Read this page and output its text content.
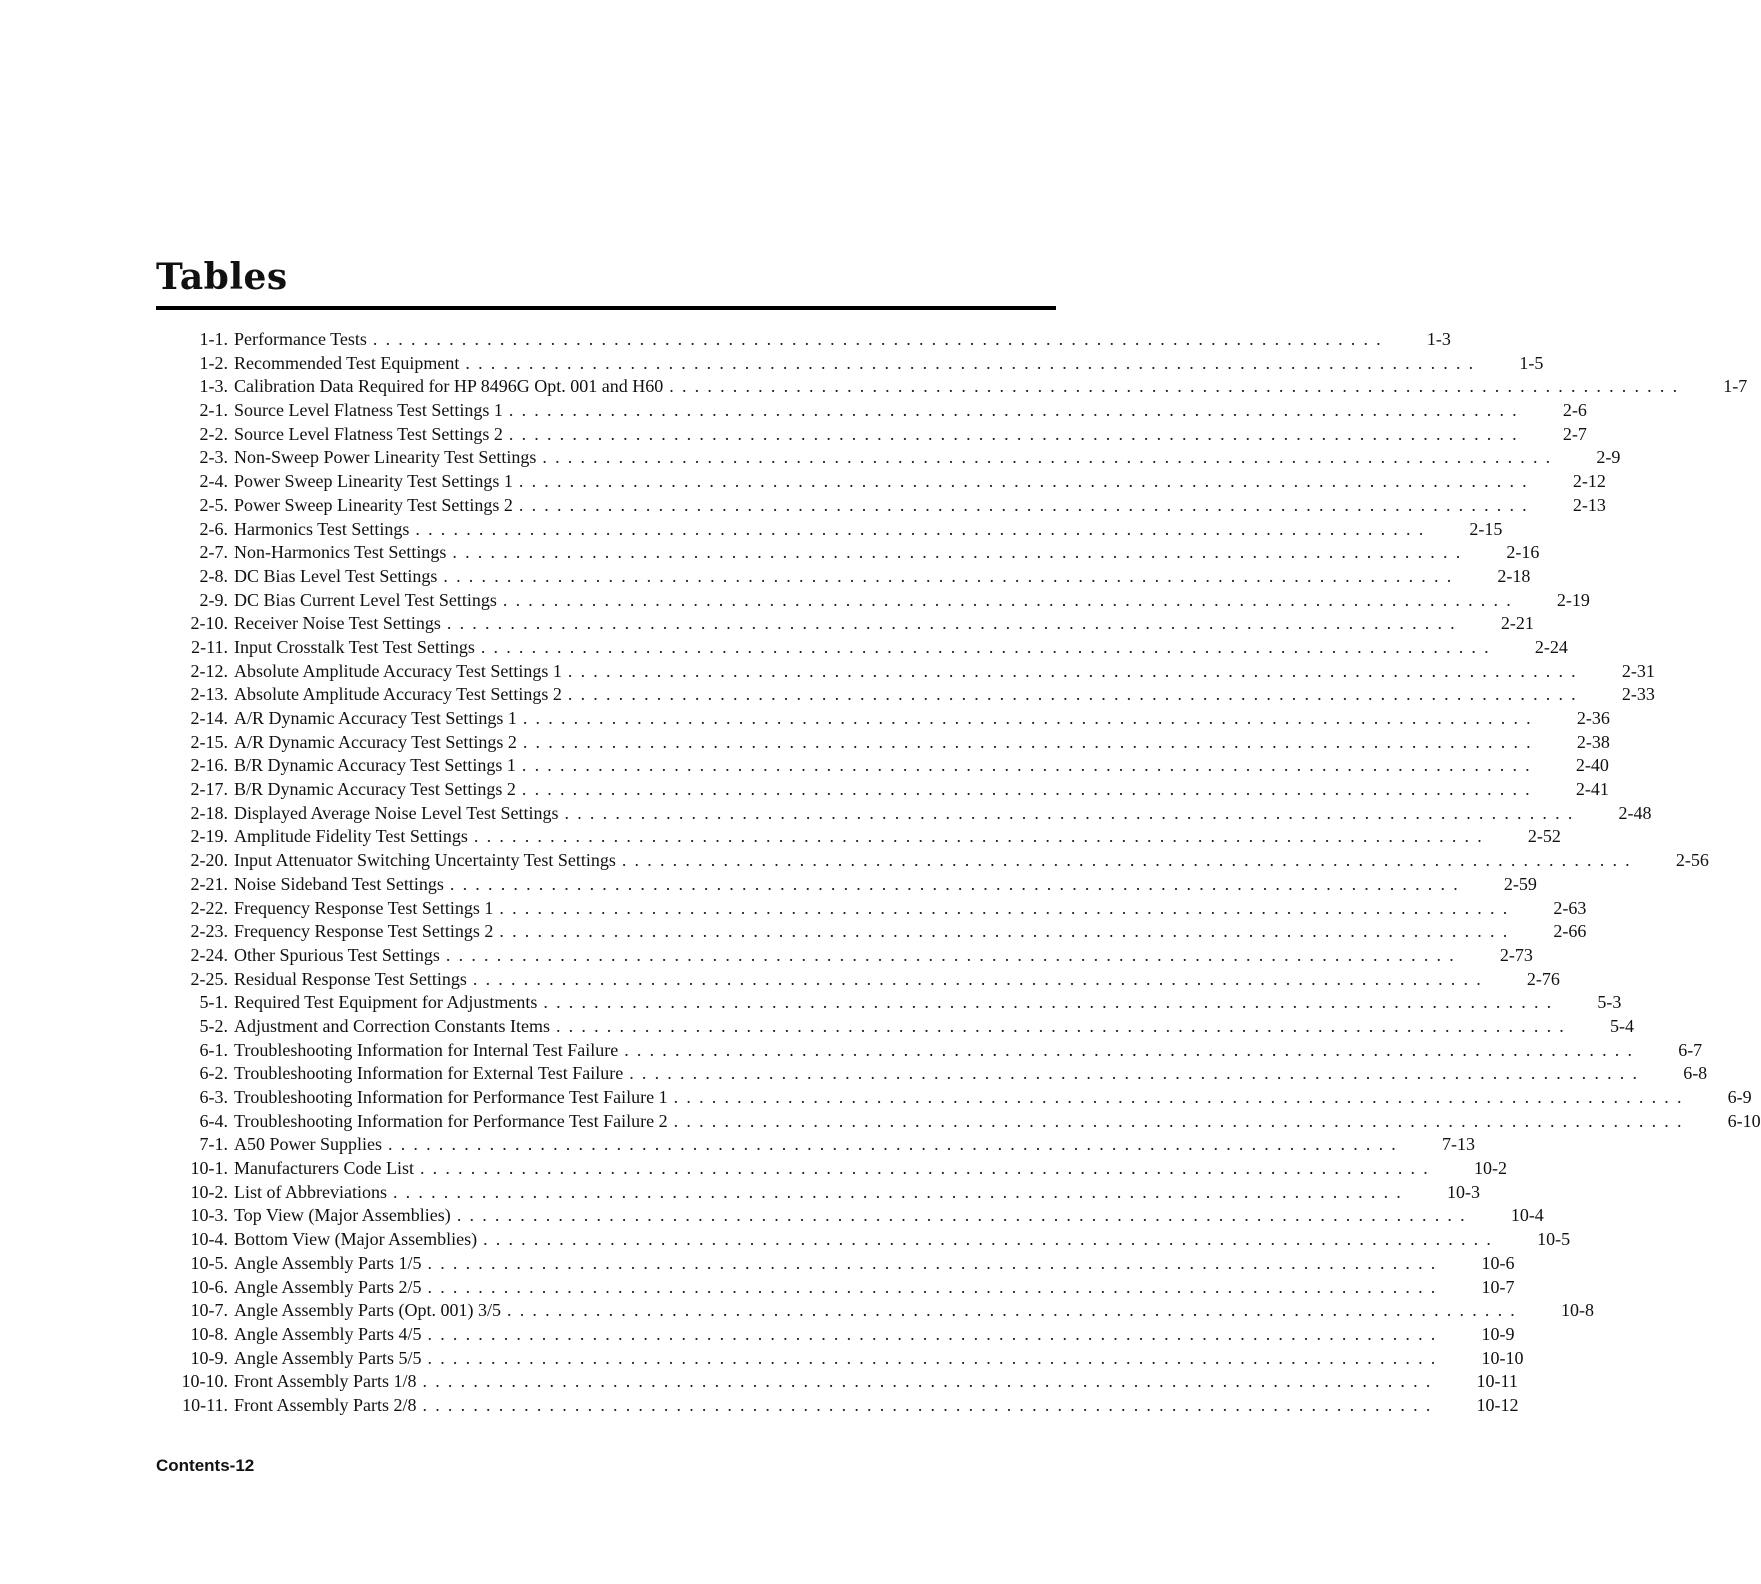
Tables
1-1. Performance Tests ................................................................................ 1-3
1-2. Recommended Test Equipment ................................................................................ 1-5
1-3. Calibration Data Required for HP 8496G Opt. 001 and H60 ................................................................................ 1-7
2-1. Source Level Flatness Test Settings 1 ................................................................................ 2-6
2-2. Source Level Flatness Test Settings 2 ................................................................................ 2-7
2-3. Non-Sweep Power Linearity Test Settings ................................................................................ 2-9
2-4. Power Sweep Linearity Test Settings 1 ................................................................................ 2-12
2-5. Power Sweep Linearity Test Settings 2 ................................................................................ 2-13
2-6. Harmonics Test Settings ................................................................................ 2-15
2-7. Non-Harmonics Test Settings ................................................................................ 2-16
2-8. DC Bias Level Test Settings ................................................................................ 2-18
2-9. DC Bias Current Level Test Settings ................................................................................ 2-19
2-10. Receiver Noise Test Settings ................................................................................ 2-21
2-11. Input Crosstalk Test Test Settings ................................................................................ 2-24
2-12. Absolute Amplitude Accuracy Test Settings 1 ................................................................................ 2-31
2-13. Absolute Amplitude Accuracy Test Settings 2 ................................................................................ 2-33
2-14. A/R Dynamic Accuracy Test Settings 1 ................................................................................ 2-36
2-15. A/R Dynamic Accuracy Test Settings 2 ................................................................................ 2-38
2-16. B/R Dynamic Accuracy Test Settings 1 ................................................................................ 2-40
2-17. B/R Dynamic Accuracy Test Settings 2 ................................................................................ 2-41
2-18. Displayed Average Noise Level Test Settings ................................................................................ 2-48
2-19. Amplitude Fidelity Test Settings ................................................................................ 2-52
2-20. Input Attenuator Switching Uncertainty Test Settings ................................................................................ 2-56
2-21. Noise Sideband Test Settings ................................................................................ 2-59
2-22. Frequency Response Test Settings 1 ................................................................................ 2-63
2-23. Frequency Response Test Settings 2 ................................................................................ 2-66
2-24. Other Spurious Test Settings ................................................................................ 2-73
2-25. Residual Response Test Settings ................................................................................ 2-76
5-1. Required Test Equipment for Adjustments ................................................................................ 5-3
5-2. Adjustment and Correction Constants Items ................................................................................ 5-4
6-1. Troubleshooting Information for Internal Test Failure ................................................................................ 6-7
6-2. Troubleshooting Information for External Test Failure ................................................................................ 6-8
6-3. Troubleshooting Information for Performance Test Failure 1 ................................................................................ 6-9
6-4. Troubleshooting Information for Performance Test Failure 2 ................................................................................ 6-10
7-1. A50 Power Supplies ................................................................................ 7-13
10-1. Manufacturers Code List ................................................................................ 10-2
10-2. List of Abbreviations ................................................................................ 10-3
10-3. Top View (Major Assemblies) ................................................................................ 10-4
10-4. Bottom View (Major Assemblies) ................................................................................ 10-5
10-5. Angle Assembly Parts 1/5 ................................................................................ 10-6
10-6. Angle Assembly Parts 2/5 ................................................................................ 10-7
10-7. Angle Assembly Parts (Opt. 001) 3/5 ................................................................................ 10-8
10-8. Angle Assembly Parts 4/5 ................................................................................ 10-9
10-9. Angle Assembly Parts 5/5 ................................................................................ 10-10
10-10. Front Assembly Parts 1/8 ................................................................................ 10-11
10-11. Front Assembly Parts 2/8 ................................................................................ 10-12
Contents-12
